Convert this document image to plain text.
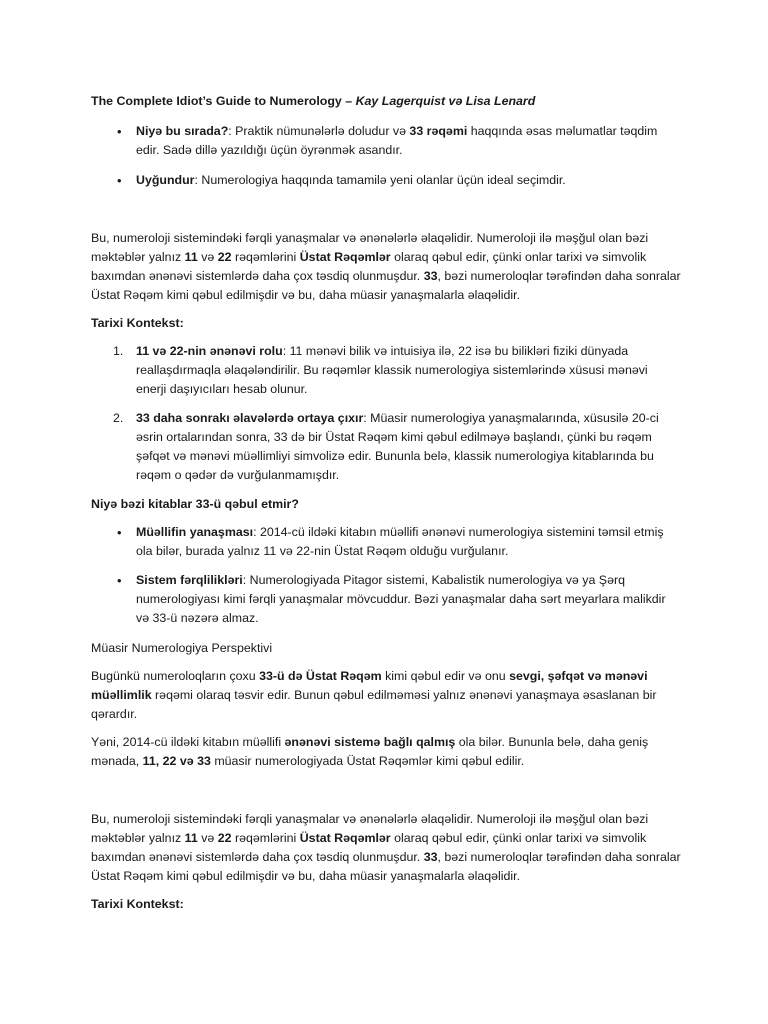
The Complete Idiot’s Guide to Numerology – Kay Lagerquist və Lisa Lenard

•	Niyə bu sırada?: Praktik nümunələrlə doludur və 33 rəqəmi haqqında əsas məlumatlar təqdim edir. Sadə dillə yazıldığı üçün öyrənmək asandır.

•	Uyğundur: Numerologiya haqqında tamamilə yeni olanlar üçün ideal seçimdir.

Bu, numeroloji sistemindəki fərqli yanaşmalar və ənənələrlə əlaqəlidir. Numeroloji ilə məşğul olan bəzi məktəblər yalnız 11 və 22 rəqəmlərini Üstat Rəqəmlər olaraq qəbul edir, çünki onlar tarixi və simvolik baxımdan ənənəvi sistemlərdə daha çox təsdiq olunmuşdur. 33, bəzi numeroloqlar tərəfindən daha sonralar Üstat Rəqəm kimi qəbul edilmişdir və bu, daha müasir yanaşmalarla əlaqəlidir.

Tarixi Kontekst:

1.	11 və 22-nin ənənəvi rolu: 11 mənəvi bilik və intuisiya ilə, 22 isə bu bilikləri fiziki dünyada reallaşdırmaqla əlaqələndirilir. Bu rəqəmlər klassik numerologiya sistemlərində xüsusi mənəvi enerji daşıyıcıları hesab olunur.

2.	33 daha sonrakı əlavələrdə ortaya çıxır: Müasir numerologiya yanaşmalarında, xüsusilə 20-ci əsrin ortalarından sonra, 33 də bir Üstat Rəqəm kimi qəbul edilməyə başlandı, çünki bu rəqəm şəfqət və mənəvi müəllimliyi simvolizə edir. Bununla belə, klassik numerologiya kitablarında bu rəqəm o qədər də vurğulanmamışdır.

Niyə bəzi kitablar 33-ü qəbul etmir?

•	Müəllifin yanaşması: 2014-cü ildəki kitabın müəllifi ənənəvi numerologiya sistemini təmsil etmiş ola bilər, burada yalnız 11 və 22-nin Üstat Rəqəm olduğu vurğulanır.

•	Sistem fərqlilikləri: Numerologiyada Pitagor sistemi, Kabalistik numerologiya və ya Şərq numerologiyası kimi fərqli yanaşmalar mövcuddur. Bəzi yanaşmalar daha sərt meyarlara malikdir və 33-ü nəzərə almaz.

Müasir Numerologiya Perspektivi

Bugünkü numeroloqların çoxu 33-ü də Üstat Rəqəm kimi qəbul edir və onu sevgi, şəfqət və mənəvi müəllimlik rəqəmi olaraq təsvir edir. Bunun qəbul edilməməsi yalnız ənənəvi yanaşmaya əsaslanan bir qərardır.

Yəni, 2014-cü ildəki kitabın müəllifi ənənəvi sistemə bağlı qalmış ola bilər. Bununla belə, daha geniş mənada, 11, 22 və 33 müasir numerologiyada Üstat Rəqəmlər kimi qəbul edilir.

Bu, numeroloji sistemindəki fərqli yanaşmalar və ənənələrlə əlaqəlidir. Numeroloji ilə məşğul olan bəzi məktəblər yalnız 11 və 22 rəqəmlərini Üstat Rəqəmlər olaraq qəbul edir, çünki onlar tarixi və simvolik baxımdan ənənəvi sistemlərdə daha çox təsdiq olunmuşdur. 33, bəzi numeroloqlar tərəfindən daha sonralar Üstat Rəqəm kimi qəbul edilmişdir və bu, daha müasir yanaşmalarla əlaqəlidir.

Tarixi Kontekst:
